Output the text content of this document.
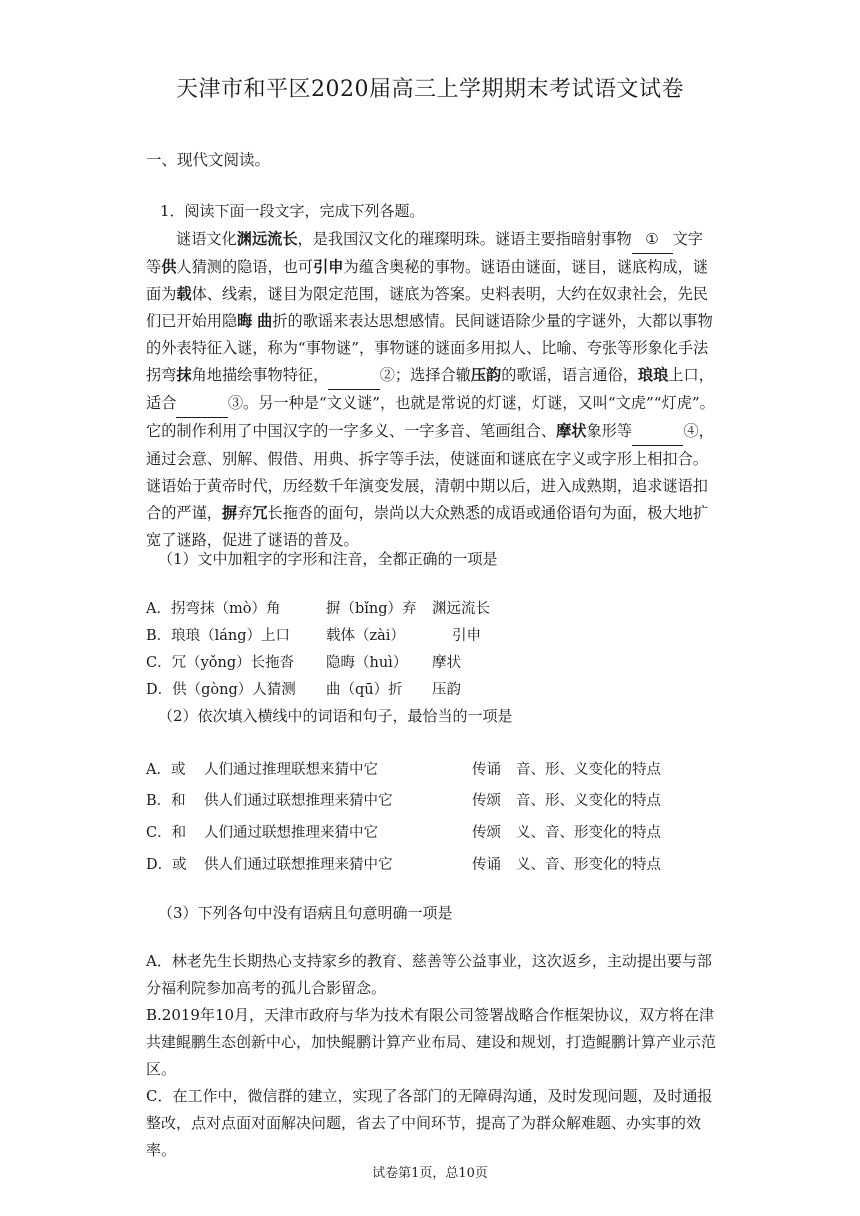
天津市和平区2020届高三上学期期末考试语文试卷
一、现代文阅读。
1．阅读下面一段文字，完成下列各题。
谜语文化渊远流长，是我国汉文化的璀璨明珠。谜语主要指暗射事物 ① 文字等供人猜测的隐语，也可引申为蕴含奥秘的事物。谜语由谜面，谜目，谜底构成，谜面为载体、线索，谜目为限定范围，谜底为答案。史料表明，大约在奴隶社会，先民们已开始用隐晦 曲折的歌谣来表达思想感情。民间谜语除少量的字谜外，大都以事物的外表特征入谜，称为“事物谜”，事物谜的谜面多用拟人、比喻、夸张等形象化手法拐弯抹角地描绘事物特征，	②；选择合辙压韵的歌谣，语言通俗，琅琅上口，适合	③。另一种是“文义谜”，也就是常说的灯谜，灯谜，又叫“文虎”“灯虎”。它的制作利用了中国汉字的一字多义、一字多音、笔画组合、摩状象形等	④，通过会意、别解、假借、用典、拆字等手法，使谜面和谜底在字义或字形上相扣合。谜语始于黄帝时代，历经数千年演变发展，清朝中期以后，进入成熟期，追求谜语扣合的严谨，摒弃冗长拖沓的面句，崇尚以大众熟悉的成语或通俗语句为面，极大地扩宽了谜路，促进了谜语的普及。
（1）文中加粗字的字形和注音，全都正确的一项是
A．拐弯抹（mò）角	摒（bǐng）弃 渊远流长
B．琅琅（láng）上口 载体（zài）	引申
C．冗（yǒng）长拖沓 隐晦（huì） 摩状
D．供（gòng）人猜测 曲（qū）折 压韵
（2）依次填入横线中的词语和句子，最恰当的一项是
A．或 人们通过推理联想来猜中它	传诵 音、形、义变化的特点
B．和 供人们通过联想推理来猜中它	传颂 音、形、义变化的特点
C．和 人们通过联想推理来猜中它	传颂 义、音、形变化的特点
D．或 供人们通过联想推理来猜中它	传诵 义、音、形变化的特点
（3）下列各句中没有语病且句意明确一项是
A．林老先生长期热心支持家乡的教育、慈善等公益事业，这次返乡，主动提出要与部分福利院参加高考的孤儿合影留念。
B.2019年10月，天津市政府与华为技术有限公司签署战略合作框架协议，双方将在津共建鲲鹏生态创新中心，加快鲲鹏计算产业布局、建设和规划，打造鲲鹏计算产业示范区。
C．在工作中，微信群的建立，实现了各部门的无障碍沟通，及时发现问题，及时通报整改，点对点面对面解决问题，省去了中间环节，提高了为群众解难题、办实事的效率。
试卷第1页，总10页
